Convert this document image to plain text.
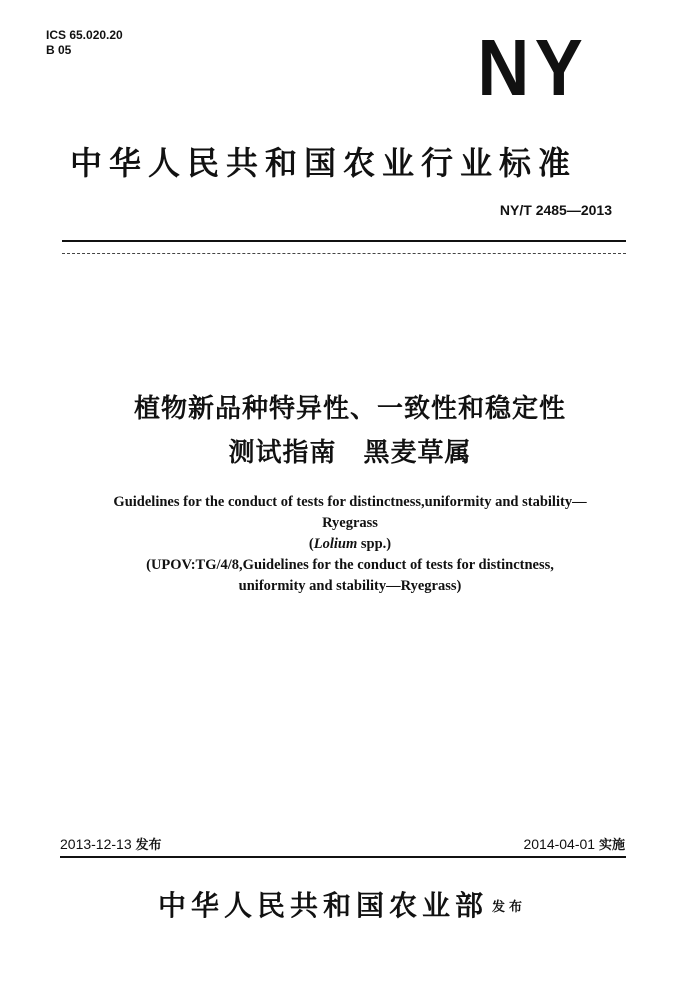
ICS 65.020.20
B 05	NY
中华人民共和国农业行业标准
NY/T 2485—2013
植物新品种特异性、一致性和稳定性
测试指南　黑麦草属
Guidelines for the conduct of tests for distinctness,uniformity and stability—
Ryegrass
(Lolium spp.)
(UPOV:TG/4/8,Guidelines for the conduct of tests for distinctness,
uniformity and stability—Ryegrass)
2013-12-13 发布	2014-04-01 实施
中华人民共和国农业部 发布
